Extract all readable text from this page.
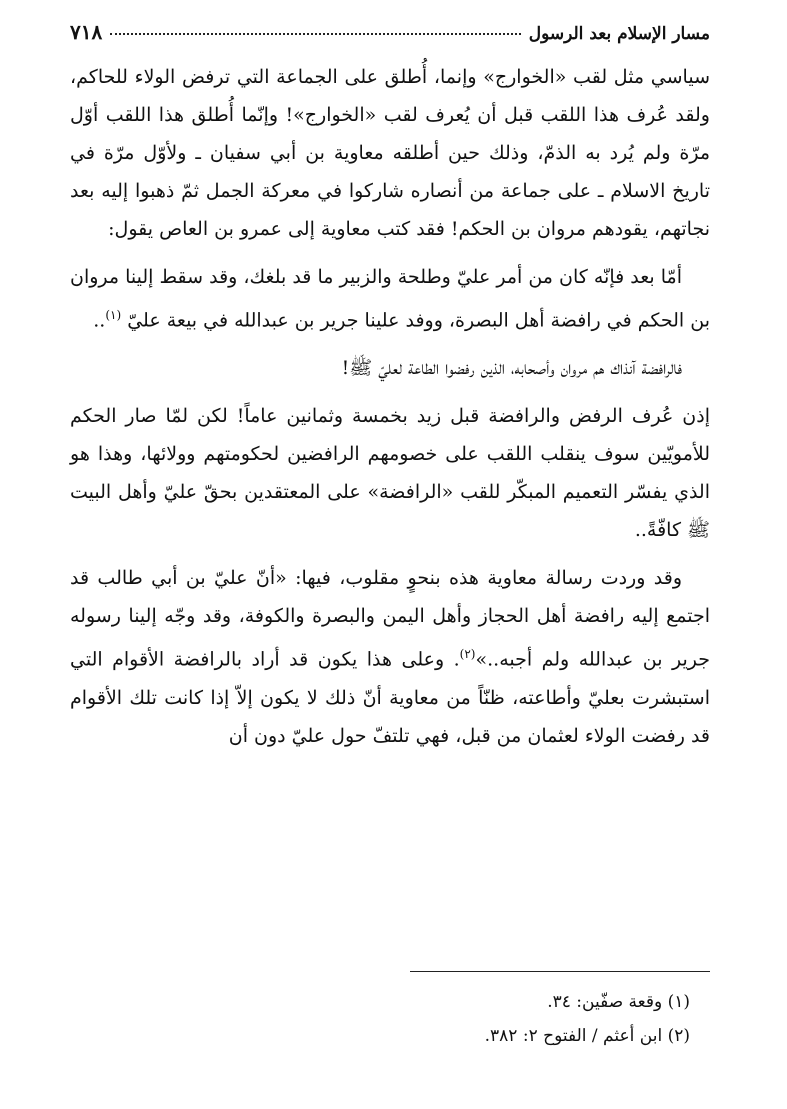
٧١٨	مسار الإسلام بعد الرسول

سياسي مثل لقب «الخوارج» وإنما، أُطلق على الجماعة التي ترفض الولاء للحاكم، ولقد عُرف هذا اللقب قبل أن يُعرف لقب «الخوارج»! وإنّما أُطلق هذا اللقب أوّل مرّة ولم يُرد به الذمّ، وذلك حين أطلقه معاوية بن أبي سفيان ـ ولأوّل مرّة في تاريخ الاسلام ـ على جماعة من أنصاره شاركوا في معركة الجمل ثمّ ذهبوا إليه بعد نجاتهم، يقودهم مروان بن الحكم! فقد كتب معاوية إلى عمرو بن العاص يقول:

أمّا بعد فإنّه كان من أمر عليّ وطلحة والزبير ما قد بلغك، وقد سقط إلينا مروان بن الحكم في رافضة أهل البصرة، ووفد علينا جرير بن عبدالله في بيعة عليّ $^{(١)}$..

فالرافضة آنذاك هم مروان وأصحابه، الذين رفضوا الطاعة لعليّ ﷺ!

إذن عُرف الرفض والرافضة قبل زيد بخمسة وثمانين عاماً! لكن لمّا صار الحكم للأمويّين سوف ينقلب اللقب على خصومهم الرافضين لحكومتهم وولائها، وهذا هو الذي يفسّر التعميم المبكّر للقب «الرافضة» على المعتقدين بحقّ عليّ وأهل البيت ﷺ كافّةً..

وقد وردت رسالة معاوية هذه بنحوٍ مقلوب، فيها: «أنّ عليّ بن أبي طالب قد اجتمع إليه رافضة أهل الحجاز وأهل اليمن والبصرة والكوفة، وقد وجّه إلينا رسوله جرير بن عبدالله ولم أجبه..»$^{(٢)}$. وعلى هذا يكون قد أراد بالرافضة الأقوام التي استبشرت بعليّ وأطاعته، ظنّاً من معاوية أنّ ذلك لا يكون إلاّ إذا كانت تلك الأقوام قد رفضت الولاء لعثمان من قبل، فهي تلتفّ حول عليّ دون أن

(١) وقعة صفّين: ٣٤.

(٢) ابن أعثم / الفتوح ٢: ٣٨٢.
